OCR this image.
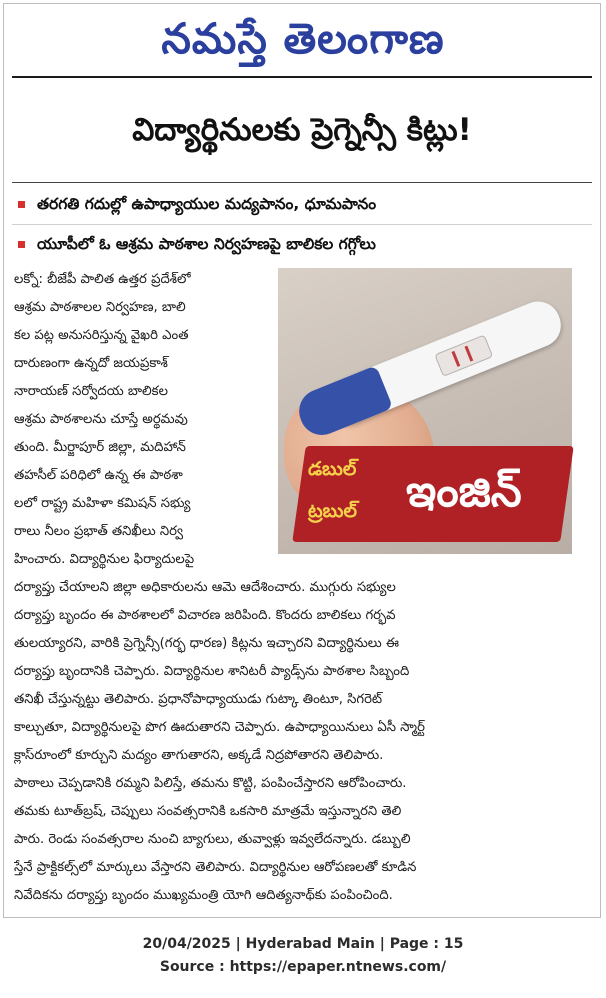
నమస్తే తెలంగాణ
విద్యార్థినులకు ప్రెగ్నెన్సీ కిట్లు!
తరగతి గదుల్లో ఉపాధ్యాయుల మద్యపానం, ధూమపానం
యూపీలో ఓ ఆశ్రమ పాఠశాల నిర్వహణపై బాలికల గగ్గోలు
డబుల్
ట్రబుల్ ఇంజిన్
లక్నో: బీజేపీ పాలిత ఉత్తర ప్రదేశ్‌లో
ఆశ్రమ పాఠశాలల నిర్వహణ, బాలి
కల పట్ల అనుసరిస్తున్న వైఖరి ఎంత
దారుణంగా ఉన్నదో జయప్రకాశ్
నారాయణ్ సర్వోదయ బాలికల
ఆశ్రమ పాఠశాలను చూస్తే అర్థమవు
తుంది. మీర్జాపూర్ జిల్లా, మదిహాన్
తహసీల్ పరిధిలో ఉన్న ఈ పాఠశా
లలో రాష్ట్ర మహిళా కమిషన్ సభ్యు
రాలు నీలం ప్రభాత్ తనిఖీలు నిర్వ
హించారు. విద్యార్థినుల ఫిర్యాదులపై
దర్యాప్తు చేయాలని జిల్లా అధికారులను ఆమె ఆదేశించారు. ముగ్గురు సభ్యుల
దర్యాప్తు బృందం ఈ పాఠశాలలో విచారణ జరిపింది. కొందరు బాలికలు గర్భవ
తులయ్యారని, వారికి ప్రెగ్నెన్సీ(గర్భ ధారణ) కిట్లను ఇచ్చారని విద్యార్థినులు ఈ
దర్యాప్తు బృందానికి చెప్పారు. విద్యార్థినుల శానిటరీ ప్యాడ్స్‌ను పాఠశాల సిబ్బంది
తనిఖీ చేస్తున్నట్టు తెలిపారు. ప్రధానోపాధ్యాయుడు గుట్కా తింటూ, సిగరెట్
కాల్చుతూ, విద్యార్థినులపై పొగ ఊదుతారని చెప్పారు. ఉపాధ్యాయినులు ఏసీ స్మార్ట్
క్లాస్‌రూంలో కూర్చుని మద్యం తాగుతారని, అక్కడే నిద్రపోతారని తెలిపారు.
పాఠాలు చెప్పడానికి రమ్మని పిలిస్తే, తమను కొట్టి, పంపించేస్తారని ఆరోపించారు.
తమకు టూత్‌బ్రష్, చెప్పులు సంవత్సరానికి ఒకసారి మాత్రమే ఇస్తున్నారని తెలి
పారు. రెండు సంవత్సరాల నుంచి బ్యాగులు, తువ్వాళ్లు ఇవ్వలేదన్నారు. డబ్బులి
స్తేనే ప్రాక్టికల్స్‌లో మార్కులు వేస్తారని తెలిపారు. విద్యార్థినుల ఆరోపణలతో కూడిన
నివేదికను దర్యాప్తు బృందం ముఖ్యమంత్రి యోగి ఆదిత్యనాథ్‌కు పంపించింది.
20/04/2025 | Hyderabad Main | Page : 15
Source : https://epaper.ntnews.com/
